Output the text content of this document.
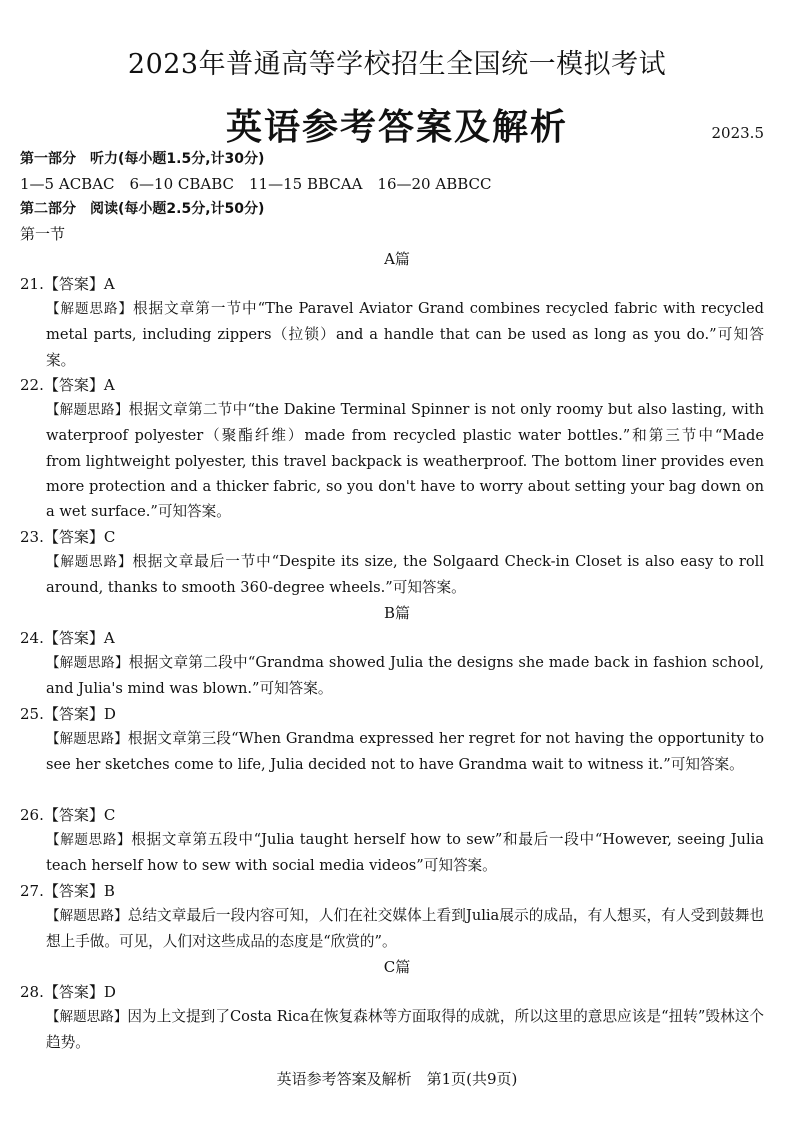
2023年普通高等学校招生全国统一模拟考试
英语参考答案及解析	2023.5
第一部分　听力(每小题1.5分,计30分)
1—5 ACBAC　6—10 CBABC　11—15 BBCAA　16—20 ABBCC
第二部分　阅读(每小题2.5分,计50分)
第一节
A篇
21.【答案】A
【解题思路】根据文章第一节中“The Paravel Aviator Grand combines recycled fabric with recycled metal parts, including zippers（拉锁）and a handle that can be used as long as you do.”可知答案。
22.【答案】A
【解题思路】根据文章第二节中“the Dakine Terminal Spinner is not only roomy but also lasting, with waterproof polyester（聚酯纤维）made from recycled plastic water bottles.”和第三节中“Made from lightweight polyester, this travel backpack is weatherproof. The bottom liner provides even more protection and a thicker fabric, so you don't have to worry about setting your bag down on a wet surface.”可知答案。
23.【答案】C
【解题思路】根据文章最后一节中“Despite its size, the Solgaard Check-in Closet is also easy to roll around, thanks to smooth 360-degree wheels.”可知答案。
B篇
24.【答案】A
【解题思路】根据文章第二段中“Grandma showed Julia the designs she made back in fashion school, and Julia's mind was blown.”可知答案。
25.【答案】D
【解题思路】根据文章第三段“When Grandma expressed her regret for not having the opportunity to see her sketches come to life, Julia decided not to have Grandma wait to witness it.”可知答案。
26.【答案】C
【解题思路】根据文章第五段中“Julia taught herself how to sew”和最后一段中“However, seeing Julia teach herself how to sew with social media videos”可知答案。
27.【答案】B
【解题思路】总结文章最后一段内容可知，人们在社交媒体上看到Julia展示的成品，有人想买，有人受到鼓舞也想上手做。可见，人们对这些成品的态度是“欣赏的”。
C篇
28.【答案】D
【解题思路】因为上文提到了Costa Rica在恢复森林等方面取得的成就，所以这里的意思应该是“扭转”毁林这个趋势。
英语参考答案及解析　第1页(共9页)
